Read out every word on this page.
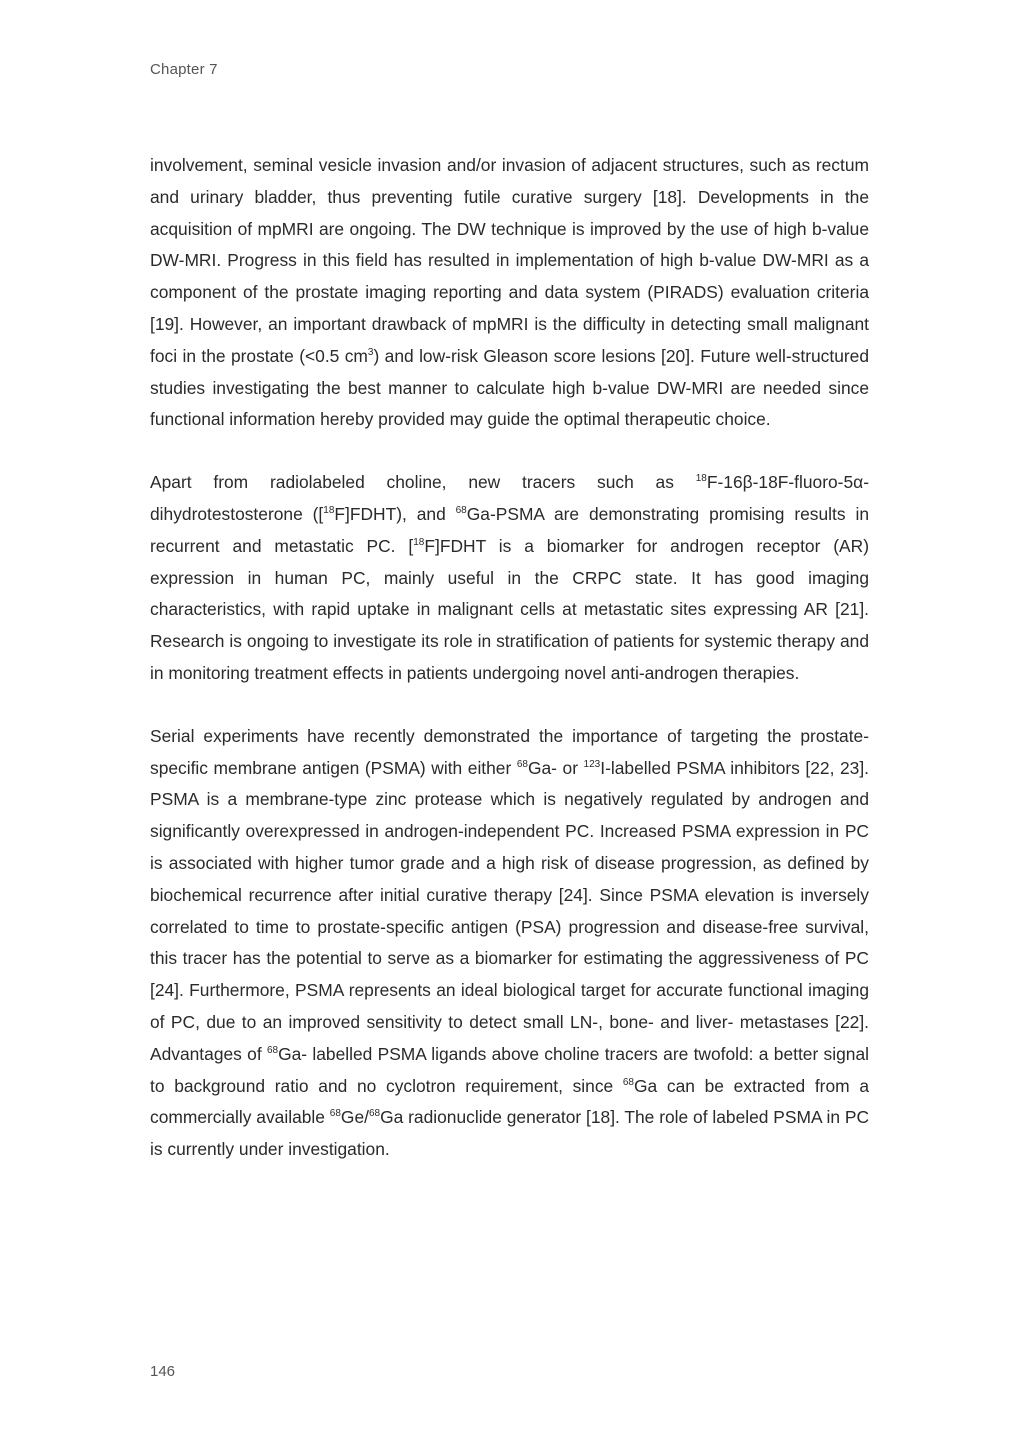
Chapter 7

involvement, seminal vesicle invasion and/or invasion of adjacent structures, such as rectum and urinary bladder, thus preventing futile curative surgery [18]. Developments in the acquisition of mpMRI are ongoing. The DW technique is improved by the use of high b-value DW-MRI. Progress in this field has resulted in implementation of high b-value DW-MRI as a component of the prostate imaging reporting and data system (PIRADS) evaluation criteria [19]. However, an important drawback of mpMRI is the difficulty in detecting small malignant foci in the prostate (<0.5 $cm^3$) and low-risk Gleason score lesions [20]. Future well-structured studies investigating the best manner to calculate high b-value DW-MRI are needed since functional information hereby provided may guide the optimal therapeutic choice.

Apart from radiolabeled choline, new tracers such as $^{18}$F-16β-18F-fluoro-5α-dihydrotestosterone ([$^{18}$F]FDHT), and $^{68}$Ga-PSMA are demonstrating promising results in recurrent and metastatic PC. [$^{18}$F]FDHT is a biomarker for androgen receptor (AR) expression in human PC, mainly useful in the CRPC state. It has good imaging characteristics, with rapid uptake in malignant cells at metastatic sites expressing AR [21]. Research is ongoing to investigate its role in stratification of patients for systemic therapy and in monitoring treatment effects in patients undergoing novel anti-androgen therapies.

Serial experiments have recently demonstrated the importance of targeting the prostate-specific membrane antigen (PSMA) with either $^{68}$Ga- or $^{123}$I-labelled PSMA inhibitors [22, 23]. PSMA is a membrane-type zinc protease which is negatively regulated by androgen and significantly overexpressed in androgen-independent PC. Increased PSMA expression in PC is associated with higher tumor grade and a high risk of disease progression, as defined by biochemical recurrence after initial curative therapy [24]. Since PSMA elevation is inversely correlated to time to prostate-specific antigen (PSA) progression and disease-free survival, this tracer has the potential to serve as a biomarker for estimating the aggressiveness of PC [24]. Furthermore, PSMA represents an ideal biological target for accurate functional imaging of PC, due to an improved sensitivity to detect small LN-, bone- and liver- metastases [22]. Advantages of $^{68}$Ga- labelled PSMA ligands above choline tracers are twofold: a better signal to background ratio and no cyclotron requirement, since $^{68}$Ga can be extracted from a commercially available $^{68}$Ge/$^{68}$Ga radionuclide generator [18]. The role of labeled PSMA in PC is currently under investigation.

146
